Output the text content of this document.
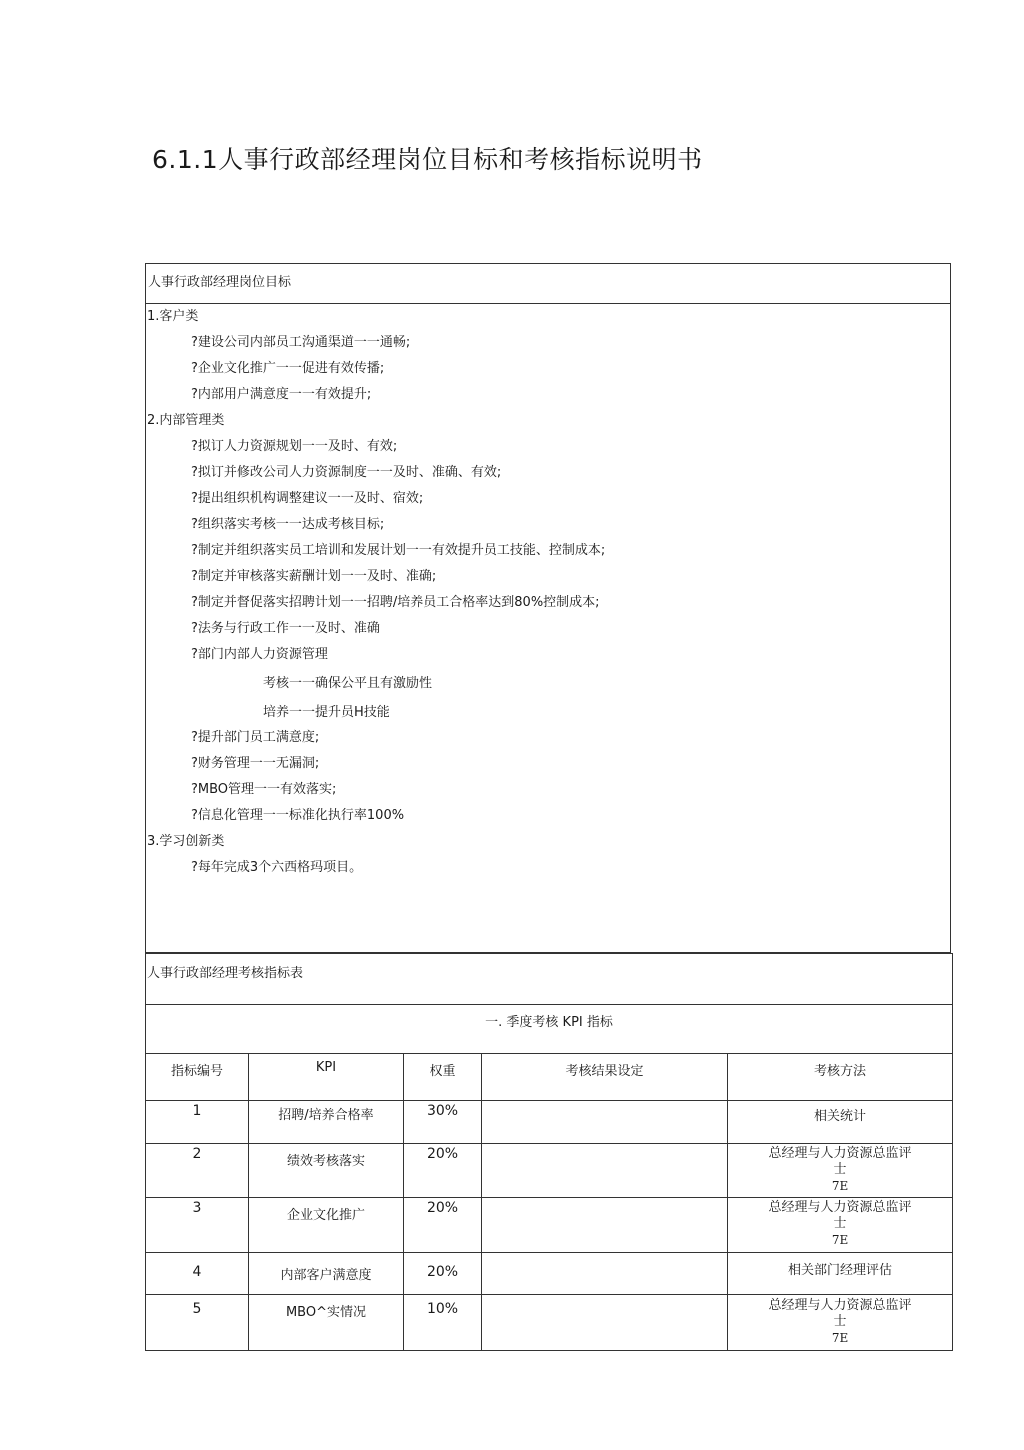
6.1.1人事行政部经理岗位目标和考核指标说明书
人事行政部经理岗位目标
1.客户类
?建设公司内部员工沟通渠道一一通畅;
?企业文化推广一一促进有效传播;
?内部用户满意度一一有效提升;
2.内部管理类
?拟订人力资源规划一一及时、有效;
?拟订并修改公司人力资源制度一一及时、准确、有效;
?提出组织机构调整建议一一及时、宿效;
?组织落实考核一一达成考核目标;
?制定并组织落实员工培训和发展计划一一有效提升员工技能、控制成本;
?制定并审核落实薪酬计划一一及时、准确;
?制定并督促落实招聘计划一一招聘/培养员工合格率达到80%控制成本;
?法务与行政工作一一及时、准确
?部门内部人力资源管理
考核一一确保公平且有激励性
培养一一提升员H技能
?提升部门员工满意度;
?财务管理一一无漏洞;
?MBO管理一一有效落实;
?信息化管理一一标准化执行率100%
3.学习创新类
?每年完成3个六西格玛项目。
人事行政部经理考核指标表				
一. 季度考核 KPI 指标				
指标编号	KPI	权重	考核结果设定	考核方法
1	招聘/培养合格率	30%		相关统计
2	绩效考核落实	20%		总经理与人力资源总监评
士
7E

3	企业文化推广	20%		总经理与人力资源总监评
士
7E

4	内部客户满意度	20%		相关部门经理评估
5	MBO^实情况	10%		总经理与人力资源总监评
士
7E
